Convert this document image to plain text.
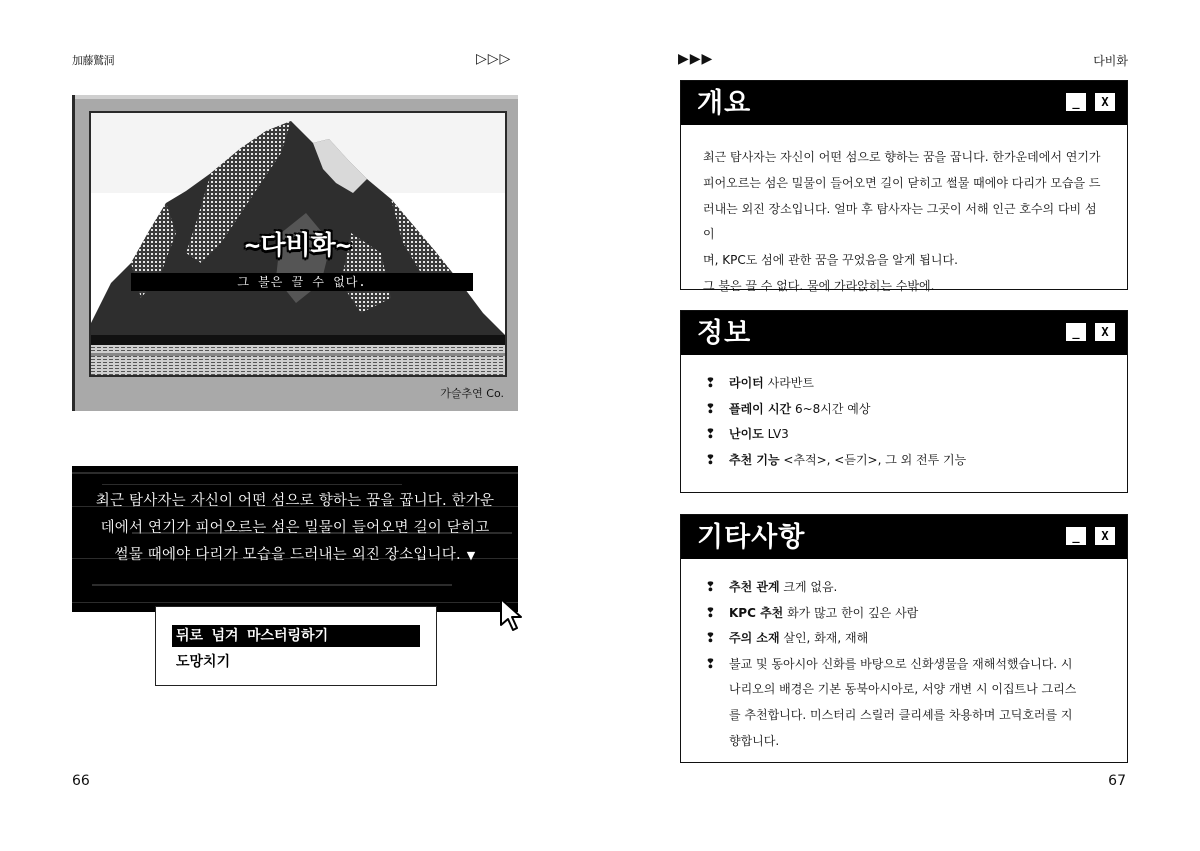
加藤鷲洞	▷▷▷
~다비화~
그 불은 끌 수 없다.
가슬추연 Co.
최근 탐사자는 자신이 어떤 섬으로 향하는 꿈을 꿉니다. 한가운데에서 연기가 피어오르는 섬은 밀물이 들어오면 길이 닫히고 썰물 때에야 다리가 모습을 드러내는 외진 장소입니다. ▼
뒤로 넘겨 마스터링하기
도망치기
66
▶▶▶	다비화
개요	_	X
최근 탐사자는 자신이 어떤 섬으로 향하는 꿈을 꿉니다. 한가운데에서 연기가
피어오르는 섬은 밀물이 들어오면 길이 닫히고 썰물 때에야 다리가 모습을 드
러내는 외진 장소입니다. 얼마 후 탐사자는 그곳이 서해 인근 호수의 다비 섬이
며, KPC도 섬에 관한 꿈을 꾸었음을 알게 됩니다.
그 불은 끌 수 없다. 물에 가라앉히는 수밖에.
정보	_	X
❢ 라이터 사라반트
❢ 플레이 시간 6~8시간 예상
❢ 난이도 LV3
❢ 추천 기능 <추적>, <듣기>, 그 외 전투 기능
기타사항	_	X
❢ 추천 관계 크게 없음.
❢ KPC 추천 화가 많고 한이 깊은 사람
❢ 주의 소재 살인, 화재, 재해
❢ 불교 및 동아시아 신화를 바탕으로 신화생물을 재해석했습니다. 시
나리오의 배경은 기본 동북아시아로, 서양 개변 시 이집트나 그리스
를 추천합니다. 미스터리 스릴러 클리셰를 차용하며 고딕호러를 지
향합니다.
67
